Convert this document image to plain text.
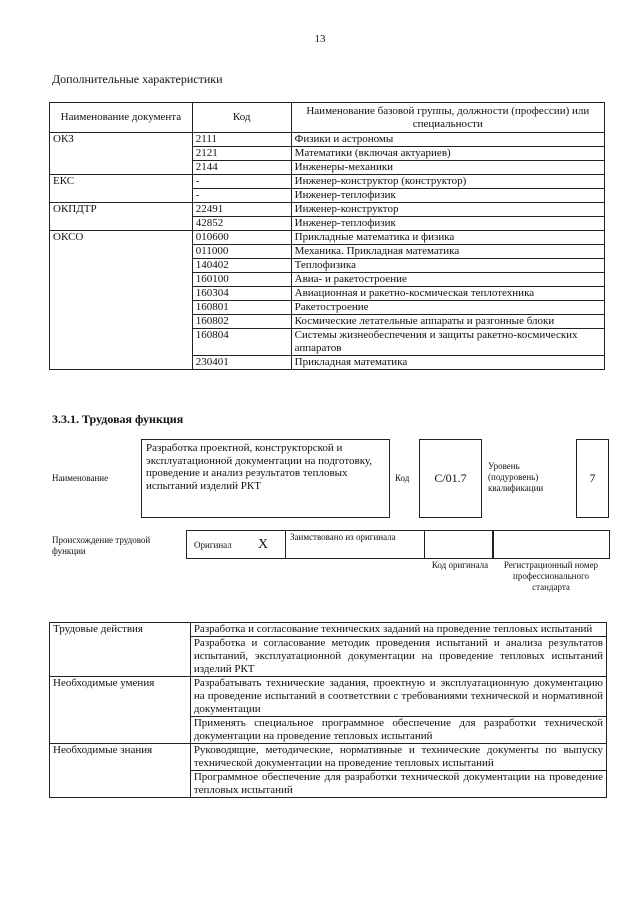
13
Дополнительные характеристики
Наименование документа	Код	Наименование базовой группы, должности (профессии) или специальности
ОКЗ	2111	Физики и астрономы
	2121	Математики (включая актуариев)
	2144	Инженеры-механики
ЕКС	-	Инженер-конструктор (конструктор)
	-	Инженер-теплофизик
ОКПДТР	22491	Инженер-конструктор
	42852	Инженер-теплофизик
ОКСО	010600	Прикладные математика и физика
	011000	Механика. Прикладная математика
	140402	Теплофизика
	160100	Авиа- и ракетостроение
	160304	Авиационная и ракетно-космическая теплотехника
	160801	Ракетостроение
	160802	Космические летательные аппараты и разгонные блоки
	160804	Системы жизнеобеспечения и защиты ракетно-космических аппаратов
	230401	Прикладная математика
3.3.1. Трудовая функция
Наименование
Разработка проектной, конструкторской и эксплуатационной документации на подготовку, проведение и анализ результатов тепловых испытаний изделий РКТ
Код С/01.7
Уровень (подуровень) квалификации
7
Происхождение трудовой функции
Оригинал X Заимствовано из оригинала
Код оригинала	Регистрационный номер профессионального стандарта
Трудовые действия	Разработка и согласование технических заданий на проведение тепловых испытаний
	Разработка и согласование методик проведения испытаний и анализа результатов испытаний, эксплуатационной документации на проведение тепловых испытаний изделий РКТ
Необходимые умения	Разрабатывать технические задания, проектную и эксплуатационную документацию на проведение испытаний в соответствии с требованиями технической и нормативной документации
	Применять специальное программное обеспечение для разработки технической документации на проведение тепловых испытаний
Необходимые знания	Руководящие, методические, нормативные и технические документы по выпуску технической документации на проведение тепловых испытаний
	Программное обеспечение для разработки технической документации на проведение тепловых испытаний
